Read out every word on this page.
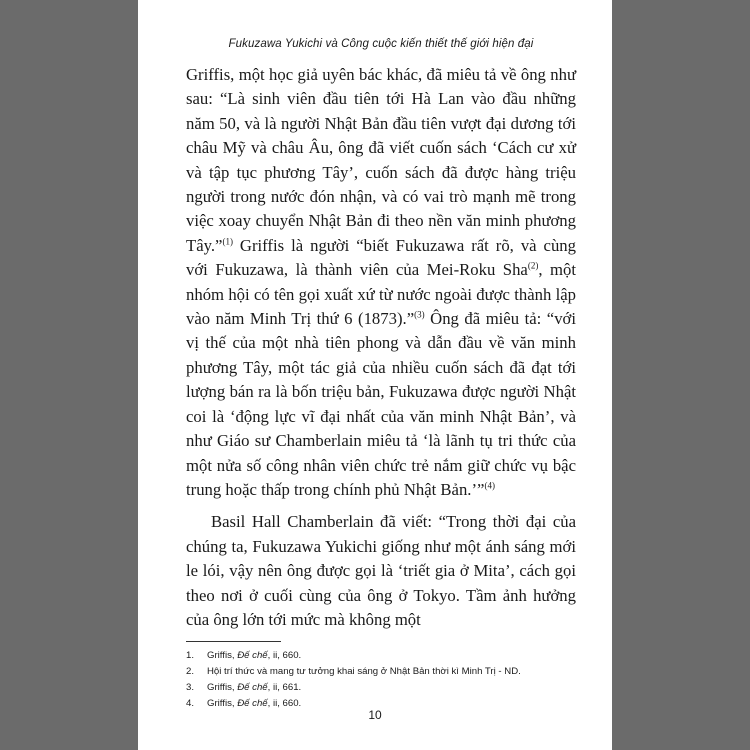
Fukuzawa Yukichi và Công cuộc kiến thiết thế giới hiện đại

Griffis, một học giả uyên bác khác, đã miêu tả về ông như sau: “Là sinh viên đầu tiên tới Hà Lan vào đầu những năm 50, và là người Nhật Bản đầu tiên vượt đại dương tới châu Mỹ và châu Âu, ông đã viết cuốn sách ‘Cách cư xử và tập tục phương Tây’, cuốn sách đã được hàng triệu người trong nước đón nhận, và có vai trò mạnh mẽ trong việc xoay chuyển Nhật Bản đi theo nền văn minh phương Tây.”$^{(1)}$ Griffis là người “biết Fukuzawa rất rõ, và cùng với Fukuzawa, là thành viên của Mei-Roku Sha$^{(2)}$, một nhóm hội có tên gọi xuất xứ từ nước ngoài được thành lập vào năm Minh Trị thứ 6 (1873).”$^{(3)}$ Ông đã miêu tả: “với vị thế của một nhà tiên phong và dẫn đầu về văn minh phương Tây, một tác giả của nhiều cuốn sách đã đạt tới lượng bán ra là bốn triệu bản, Fukuzawa được người Nhật coi là ‘động lực vĩ đại nhất của văn minh Nhật Bản’, và như Giáo sư Chamberlain miêu tả ‘là lãnh tụ tri thức của một nửa số công nhân viên chức trẻ nắm giữ chức vụ bậc trung hoặc thấp trong chính phủ Nhật Bản.’”$^{(4)}$

Basil Hall Chamberlain đã viết: “Trong thời đại của chúng ta, Fukuzawa Yukichi giống như một ánh sáng mới le lói, vậy nên ông được gọi là ‘triết gia ở Mita’, cách gọi theo nơi ở cuối cùng của ông ở Tokyo. Tầm ảnh hưởng của ông lớn tới mức mà không một

1.	Griffis, Đế chế, ii, 660.
2.	Hội trí thức và mang tư tưởng khai sáng ở Nhật Bản thời kì Minh Trị - ND.
3.	Griffis, Đế chế, ii, 661.
4.	Griffis, Đế chế, ii, 660.
10
